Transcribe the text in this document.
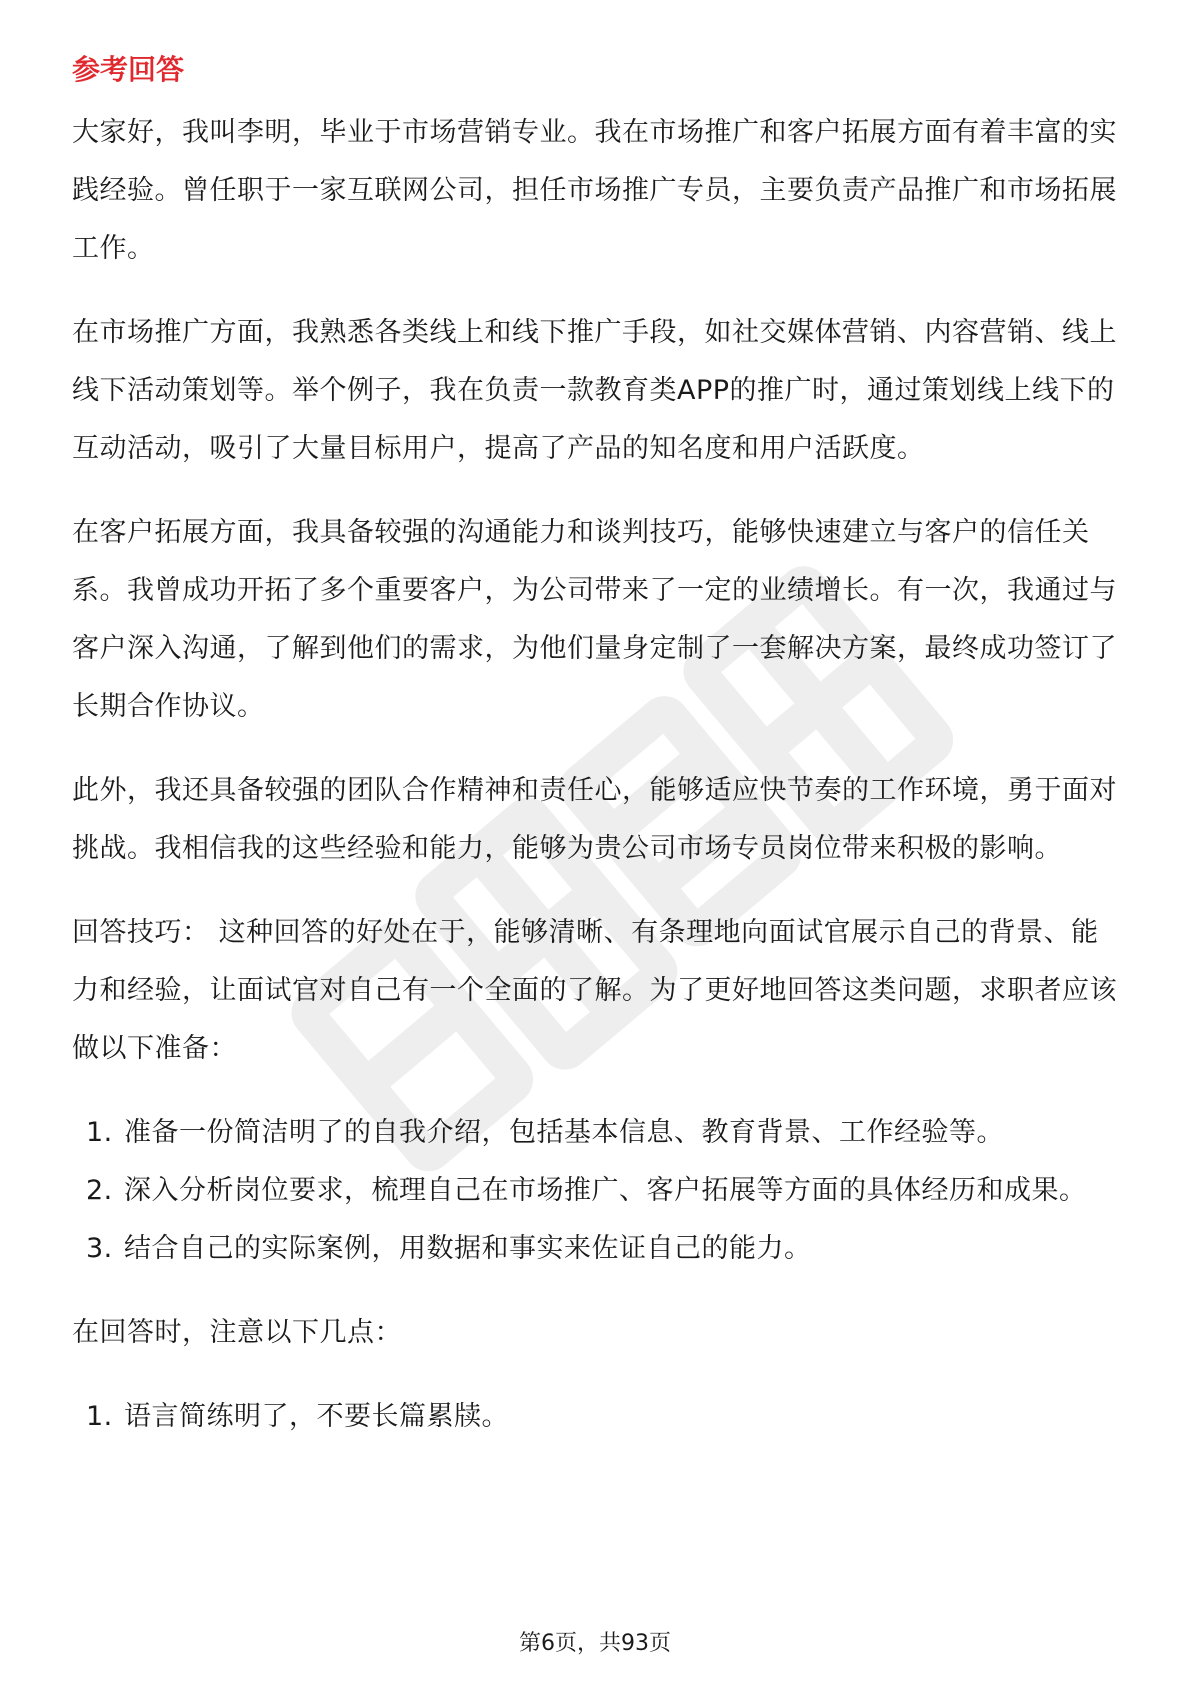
参考回答

大家好，我叫李明，毕业于市场营销专业。我在市场推广和客户拓展方面有着丰富的实践经验。曾任职于一家互联网公司，担任市场推广专员，主要负责产品推广和市场拓展工作。

在市场推广方面，我熟悉各类线上和线下推广手段，如社交媒体营销、内容营销、线上线下活动策划等。举个例子，我在负责一款教育类APP的推广时，通过策划线上线下的互动活动，吸引了大量目标用户，提高了产品的知名度和用户活跃度。

在客户拓展方面，我具备较强的沟通能力和谈判技巧，能够快速建立与客户的信任关系。我曾成功开拓了多个重要客户，为公司带来了一定的业绩增长。有一次，我通过与客户深入沟通，了解到他们的需求，为他们量身定制了一套解决方案，最终成功签订了长期合作协议。

此外，我还具备较强的团队合作精神和责任心，能够适应快节奏的工作环境，勇于面对挑战。我相信我的这些经验和能力，能够为贵公司市场专员岗位带来积极的影响。

回答技巧： 这种回答的好处在于，能够清晰、有条理地向面试官展示自己的背景、能力和经验，让面试官对自己有一个全面的了解。为了更好地回答这类问题，求职者应该做以下准备：

1. 准备一份简洁明了的自我介绍，包括基本信息、教育背景、工作经验等。
2. 深入分析岗位要求，梳理自己在市场推广、客户拓展等方面的具体经历和成果。
3. 结合自己的实际案例，用数据和事实来佐证自己的能力。

在回答时，注意以下几点：

1. 语言简练明了，不要长篇累牍。
第6页，共93页
